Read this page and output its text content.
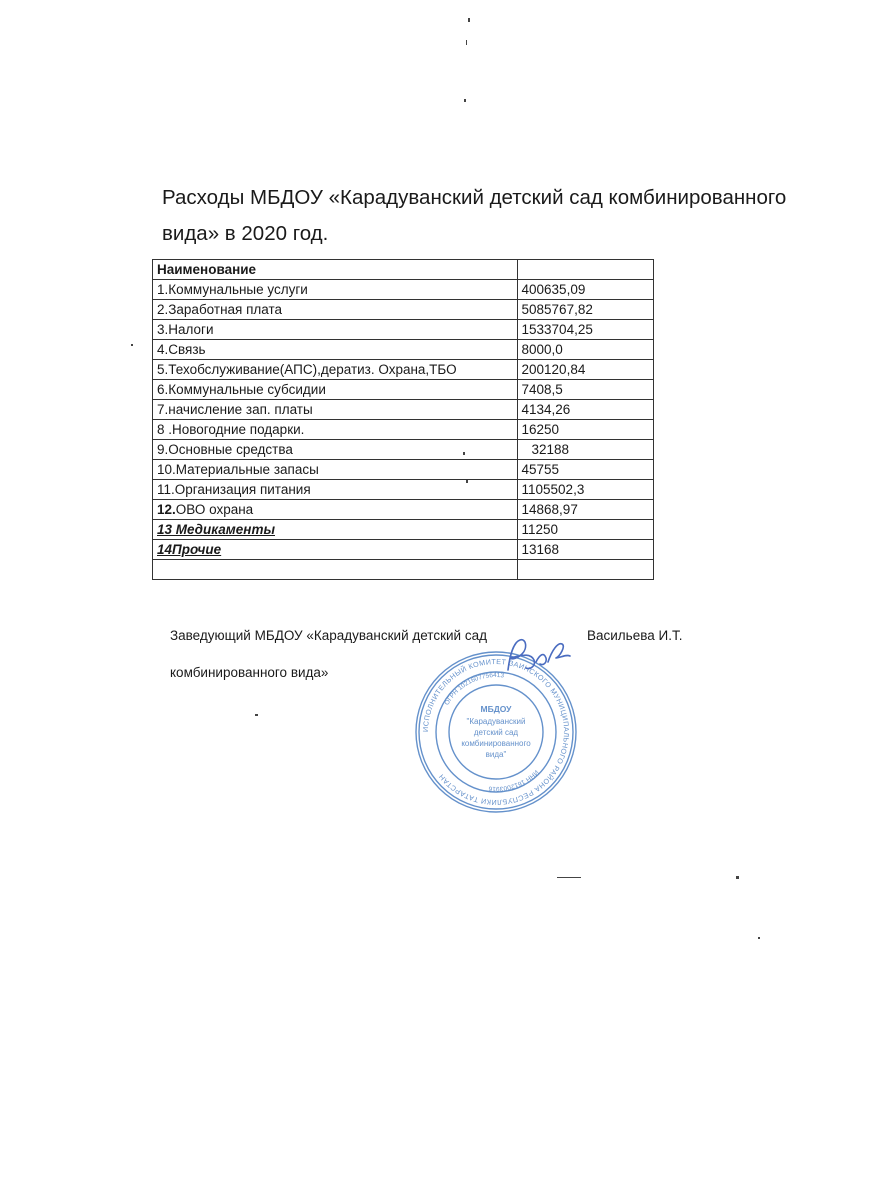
Расходы МБДОУ «Карадуванский детский сад комбинированного вида» в 2020 год.
Наименование	
1.Коммунальные услуги	400635,09
2.Заработная плата	5085767,82
3.Налоги	1533704,25
4.Связь	8000,0
5.Техобслуживание(АПС),дератиз. Охрана,ТБО	200120,84
6.Коммунальные субсидии	7408,5
7.начисление зап. платы	4134,26
8 .Новогодние подарки.	16250
9.Основные средства	32188
10.Материальные запасы	45755
11.Организация питания	1105502,3
12.ОВО охрана	14868,97
13 Медикаменты	11250
14Прочие	13168

Заведующий МБДОУ «Карадуванский детский сад	Васильева И.Т.
комбинированного вида»
ИСПОЛНИТЕЛЬНЫЙ КОМИТЕТ ЗАИНСКОГО МУНИЦИПАЛЬНОГО РАЙОНА РЕСПУБЛИКИ ТАТАРСТАН
ОГРН 1021607756413
ИНН 1612003916
МБДОУ
"Карадуванский
детский сад
комбинированного
вида"
